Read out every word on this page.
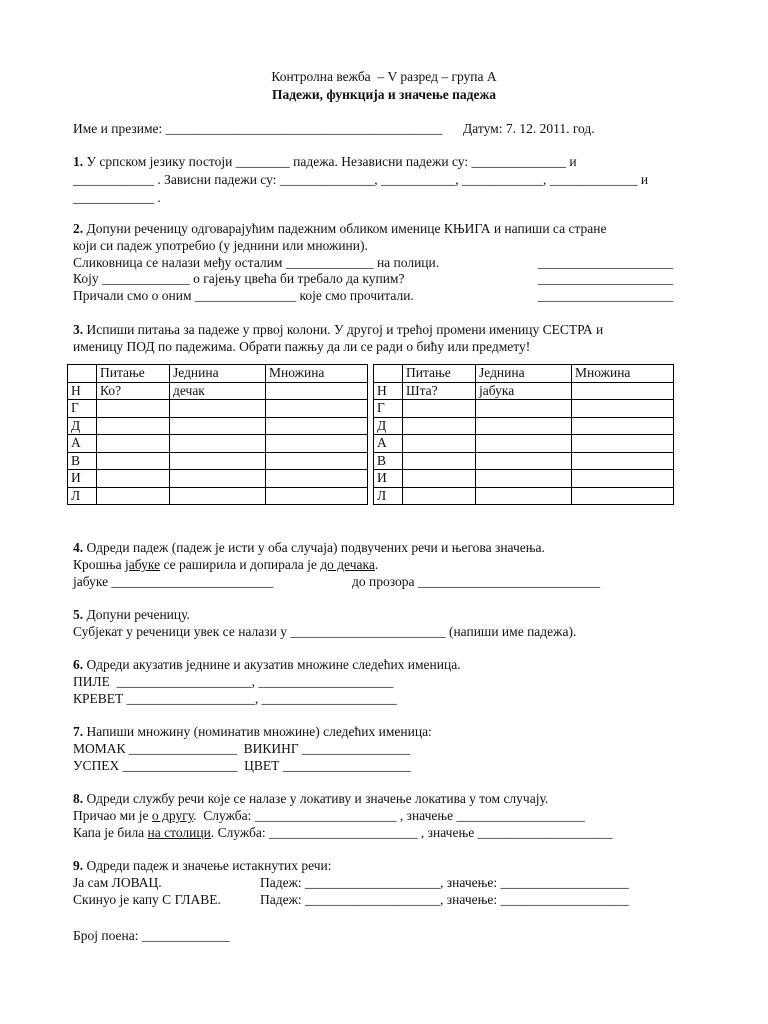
Контролна вежба  – V разред – група А
Падежи, функција и значење падежа
Име и презиме: _________________________________________ Датум: 7. 12. 2011. год.
1. У српском језику постоји ________ падежа. Независни падежи су: ______________ и
____________ . Зависни падежи су: ______________, ___________, ____________, _____________ и
____________ .
2. Допуни реченицу одговарајућим падежним обликом именице КЊИГА и напиши са стране
који си падеж употребио (у једнини или множини).
Сликовница се налази међу осталим _____________ на полици.	____________________
Коју _____________ о гајењу цвећа би требало да купим?	____________________
Причали смо о оним _______________ које смо прочитали.	____________________
3. Испиши питања за падеже у првој колони. У другој и трећој промени именицу СЕСТРА и
именицу ПОД по падежима. Обрати пажњу да ли се ради о бићу или предмету!
	Питање	Једнина	Множина
Н	Ко?	дечак	
Г			
Д			
А			
В			
И			
Л			
	Питање	Једнина	Множина
Н	Шта?	јабука	
Г			
Д			
А			
В			
И			
Л			
4. Одреди падеж (падеж је исти у оба случаја) подвучених речи и његова значења.
Крошња јабуке се раширила и допирала је до дечака.
јабуке ________________________	до прозора ___________________________
5. Допуни реченицу.
Субјекат у реченици увек се налази у _______________________ (напиши име падежа).
6. Одреди акузатив једнине и акузатив множине следећих именица.
ПИЛЕ  ____________________, ____________________
КРЕВЕТ ___________________, ____________________
7. Напиши множину (номинатив множине) следећих именица:
МОМАК ________________  ВИКИНГ ________________
УСПЕХ _________________  ЦВЕТ ___________________
8. Одреди службу речи које се налазе у локативу и значење локатива у том случају.
Причао ми је о другу.  Служба: _____________________ , значење ___________________
Капа је била на столици. Служба: ______________________ , значење ____________________
9. Одреди падеж и значење истакнутих речи:
Ја сам ЛОВАЦ.	Падеж: ____________________, значење: ___________________
Скинуо је капу С ГЛАВЕ.	Падеж: ____________________, значење: ___________________
Број поена: _____________
